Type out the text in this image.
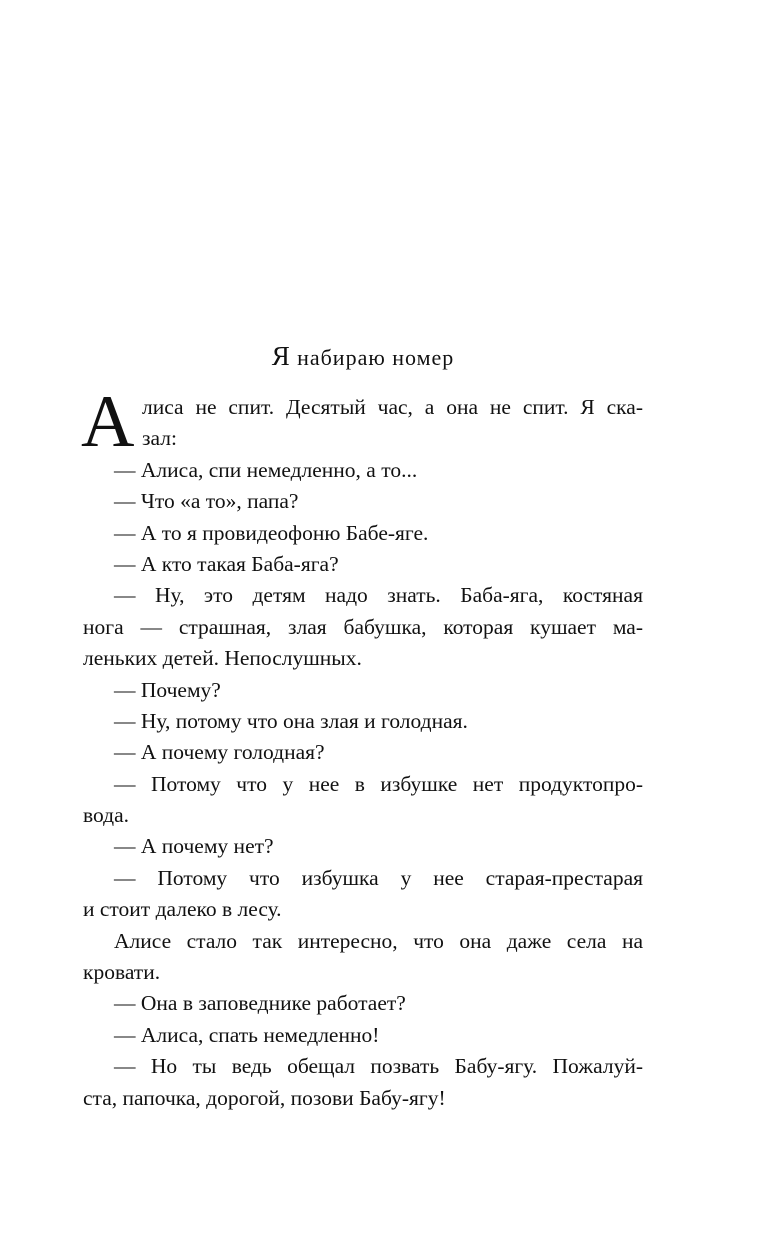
Я набираю номер
А лиса не спит. Десятый час, а она не спит. Я ска-
зал:
— Алиса, спи немедленно, а то...
— Что «а то», папа?
— А то я провидеофоню Бабе-яге.
— А кто такая Баба-яга?
— Ну, это детям надо знать. Баба-яга, костяная
нога — страшная, злая бабушка, которая кушает ма-
леньких детей. Непослушных.
— Почему?
— Ну, потому что она злая и голодная.
— А почему голодная?
— Потому что у нее в избушке нет продуктопро-
вода.
— А почему нет?
— Потому что избушка у нее старая-престарая
и стоит далеко в лесу.
Алисе стало так интересно, что она даже села на
кровати.
— Она в заповеднике работает?
— Алиса, спать немедленно!
— Но ты ведь обещал позвать Бабу-ягу. Пожалуй-
ста, папочка, дорогой, позови Бабу-ягу!
